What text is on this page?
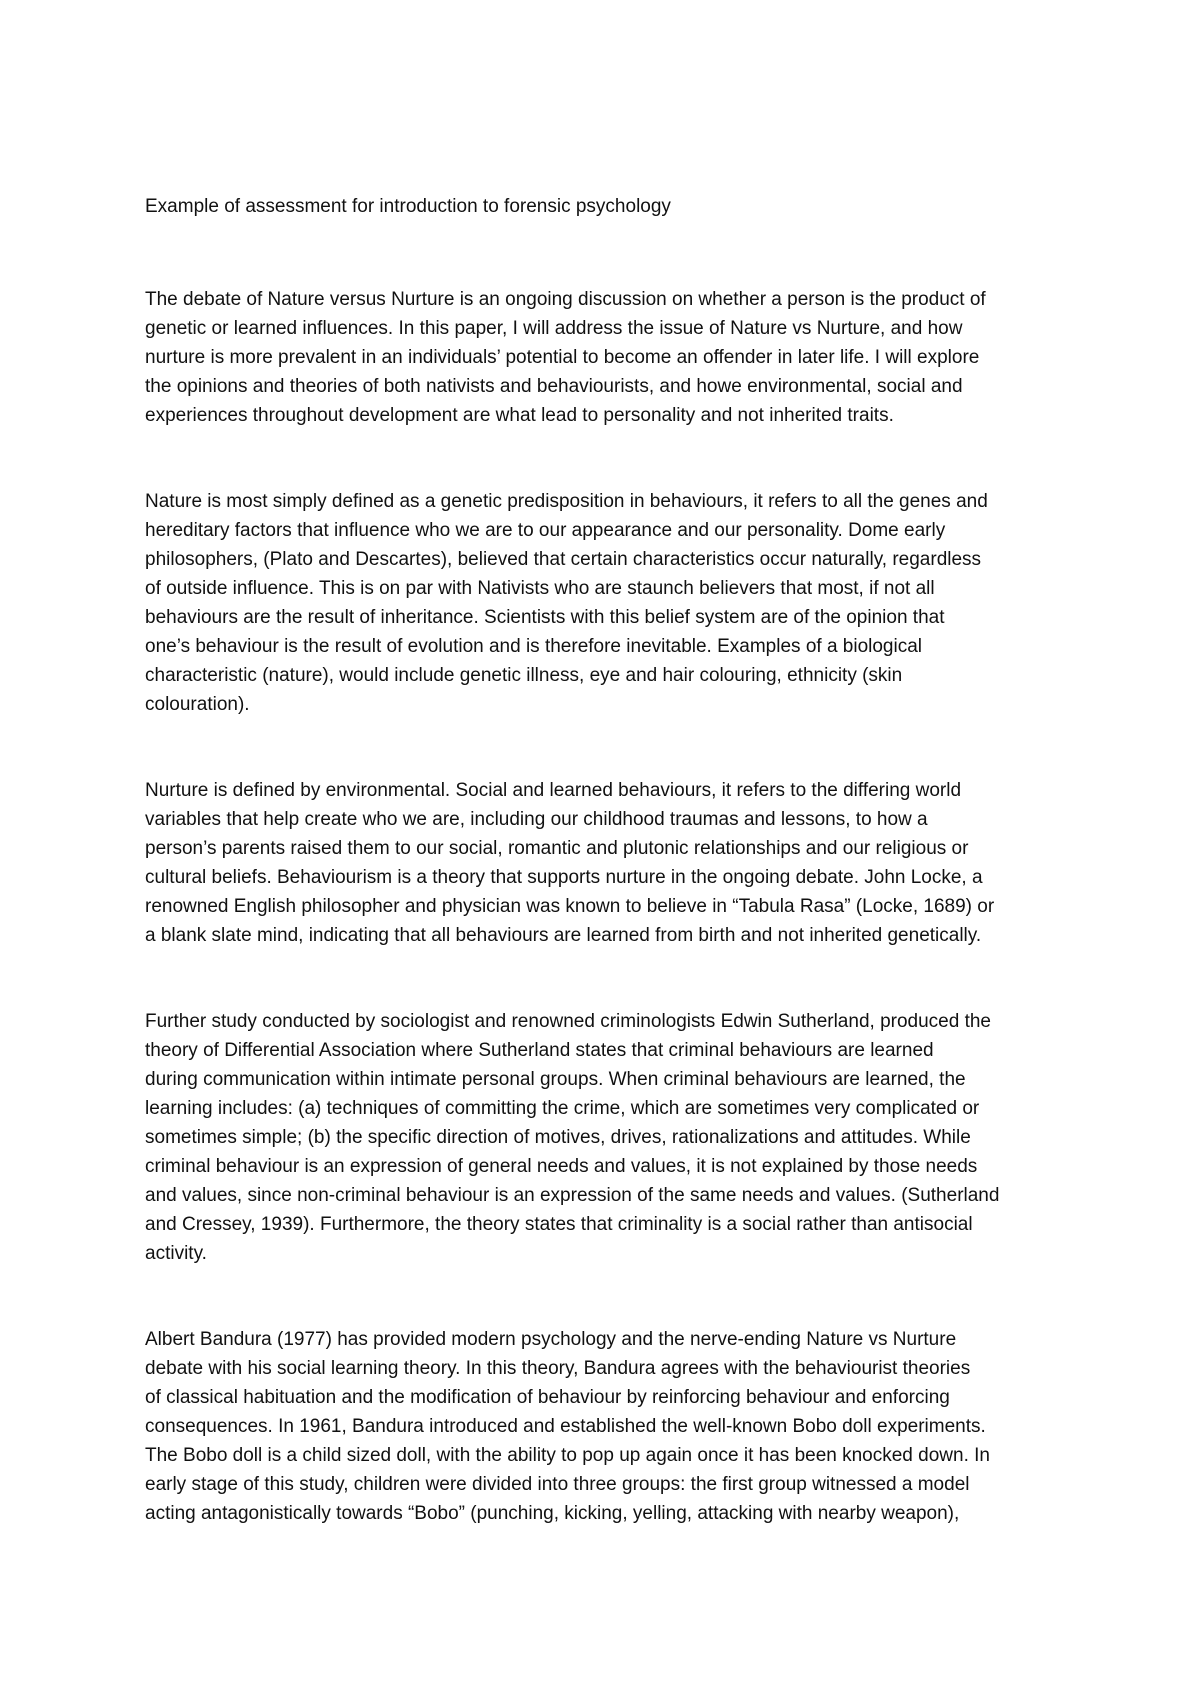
Example of assessment for introduction to forensic psychology
The debate of Nature versus Nurture is an ongoing discussion on whether a person is the product of
genetic or learned influences. In this paper, I will address the issue of Nature vs Nurture, and how
nurture is more prevalent in an individuals’ potential to become an offender in later life. I will explore
the opinions and theories of both nativists and behaviourists, and howe environmental, social and
experiences throughout development are what lead to personality and not inherited traits.
Nature is most simply defined as a genetic predisposition in behaviours, it refers to all the genes and
hereditary factors that influence who we are to our appearance and our personality. Dome early
philosophers, (Plato and Descartes), believed that certain characteristics occur naturally, regardless
of outside influence. This is on par with Nativists who are staunch believers that most, if not all
behaviours are the result of inheritance. Scientists with this belief system are of the opinion that
one’s behaviour is the result of evolution and is therefore inevitable. Examples of a biological
characteristic (nature), would include genetic illness, eye and hair colouring, ethnicity (skin
colouration).
Nurture is defined by environmental. Social and learned behaviours, it refers to the differing world
variables that help create who we are, including our childhood traumas and lessons, to how a
person’s parents raised them to our social, romantic and plutonic relationships and our religious or
cultural beliefs. Behaviourism is a theory that supports nurture in the ongoing debate. John Locke, a
renowned English philosopher and physician was known to believe in “Tabula Rasa” (Locke, 1689) or
a blank slate mind, indicating that all behaviours are learned from birth and not inherited genetically.
Further study conducted by sociologist and renowned criminologists Edwin Sutherland, produced the
theory of Differential Association where Sutherland states that criminal behaviours are learned
during communication within intimate personal groups. When criminal behaviours are learned, the
learning includes: (a) techniques of committing the crime, which are sometimes very complicated or
sometimes simple; (b) the specific direction of motives, drives, rationalizations and attitudes. While
criminal behaviour is an expression of general needs and values, it is not explained by those needs
and values, since non-criminal behaviour is an expression of the same needs and values. (Sutherland
and Cressey, 1939). Furthermore, the theory states that criminality is a social rather than antisocial
activity.
Albert Bandura (1977) has provided modern psychology and the nerve-ending Nature vs Nurture
debate with his social learning theory. In this theory, Bandura agrees with the behaviourist theories
of classical habituation and the modification of behaviour by reinforcing behaviour and enforcing
consequences. In 1961, Bandura introduced and established the well-known Bobo doll experiments.
The Bobo doll is a child sized doll, with the ability to pop up again once it has been knocked down. In
early stage of this study, children were divided into three groups: the first group witnessed a model
acting antagonistically towards “Bobo” (punching, kicking, yelling, attacking with nearby weapon),
